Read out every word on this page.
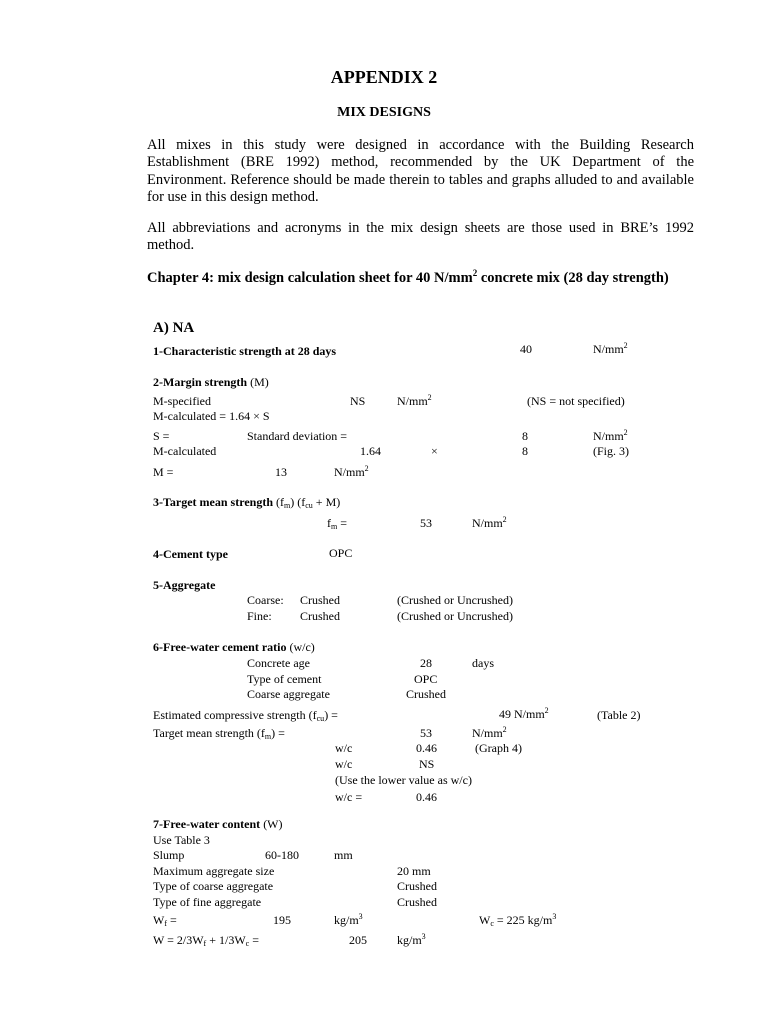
APPENDIX 2
MIX DESIGNS
All mixes in this study were designed in accordance with the Building Research Establishment (BRE 1992) method, recommended by the UK Department of the Environment. Reference should be made therein to tables and graphs alluded to and available for use in this design method.
All abbreviations and acronyms in the mix design sheets are those used in BRE’s 1992 method.
Chapter 4: mix design calculation sheet for 40 $N/mm^2$ concrete mix (28 day strength)
A) NA
1-Characteristic strength at 28 days	40	$N/mm^2$
2-Margin strength (M)
M-specified	NS	$N/mm^2$	(NS = not specified)
M-calculated = 1.64 × S
S =	Standard deviation =	8	$N/mm^2$
M-calculated	1.64	×	8	(Fig. 3)
M =	13	$N/mm^2$
3-Target mean strength $(f_m) (f_{cu} + M)$
$f_m$ =	53	$N/mm^2$
4-Cement type	OPC
5-Aggregate
Coarse: Crushed	(Crushed or Uncrushed)
Fine: Crushed	(Crushed or Uncrushed)
6-Free-water cement ratio (w/c)
Concrete age	28	days
Type of cement	OPC
Coarse aggregate	Crushed
Estimated compressive strength $(f_{cu})$ =	49 $N/mm^2$	(Table 2)
Target mean strength $(f_m)$ =	53	$N/mm^2$
w/c	0.46	(Graph 4)
w/c	NS
(Use the lower value as w/c)
w/c =	0.46
7-Free-water content (W)
Use Table 3
Slump	60-180	mm
Maximum aggregate size	20 mm
Type of coarse aggregate	Crushed
Type of fine aggregate	Crushed
$W_f$ =	195	$kg/m^3$	$W_c = 225$ $kg/m^3$
$W = 2/3W_f + 1/3W_c$ =	205	$kg/m^3$
